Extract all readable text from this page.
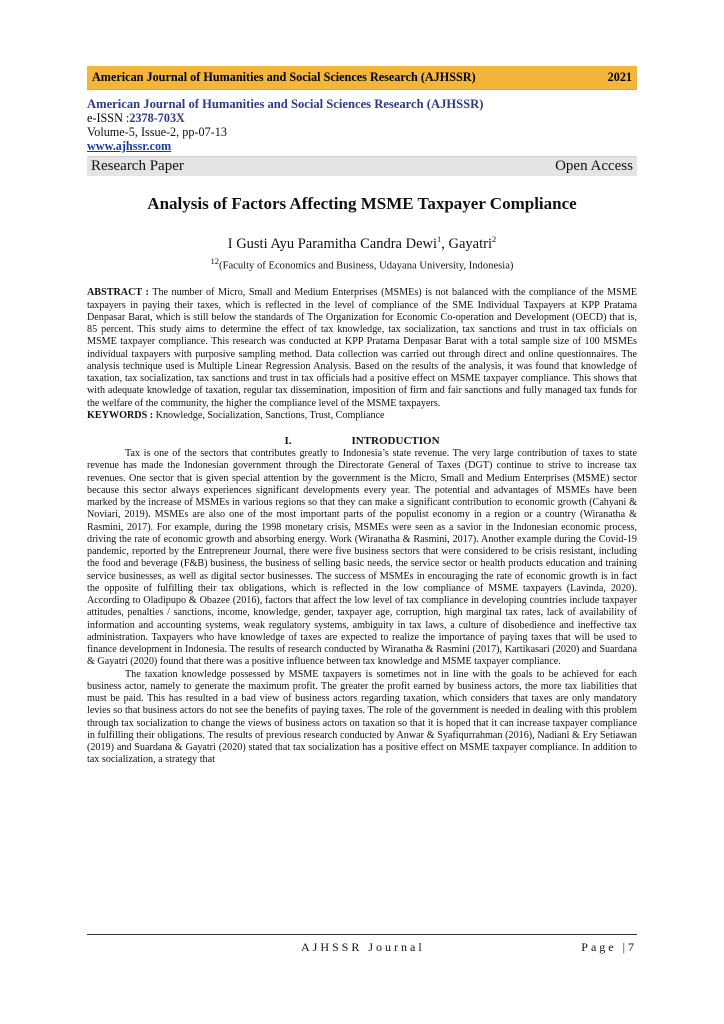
American Journal of Humanities and Social Sciences Research (AJHSSR)	2021
American Journal of Humanities and Social Sciences Research (AJHSSR)
e-ISSN :2378-703X
Volume-5, Issue-2, pp-07-13
www.ajhssr.com
Research Paper	Open Access
Analysis of Factors Affecting MSME Taxpayer Compliance
I Gusti Ayu Paramitha Candra Dewi$^1$, Gayatri$^2$
$^{12}$(Faculty of Economics and Business, Udayana University, Indonesia)
ABSTRACT : The number of Micro, Small and Medium Enterprises (MSMEs) is not balanced with the compliance of the MSME taxpayers in paying their taxes, which is reflected in the level of compliance of the SME Individual Taxpayers at KPP Pratama Denpasar Barat, which is still below the standards of The Organization for Economic Co-operation and Development (OECD) that is, 85 percent. This study aims to determine the effect of tax knowledge, tax socialization, tax sanctions and trust in tax officials on MSME taxpayer compliance. This research was conducted at KPP Pratama Denpasar Barat with a total sample size of 100 MSMEs individual taxpayers with purposive sampling method. Data collection was carried out through direct and online questionnaires. The analysis technique used is Multiple Linear Regression Analysis. Based on the results of the analysis, it was found that knowledge of taxation, tax socialization, tax sanctions and trust in tax officials had a positive effect on MSME taxpayer compliance. This shows that with adequate knowledge of taxation, regular tax dissemination, imposition of firm and fair sanctions and fully managed tax funds for the welfare of the community, the higher the compliance level of the MSME taxpayers.
KEYWORDS : Knowledge, Socialization, Sanctions, Trust, Compliance
I.	INTRODUCTION
Tax is one of the sectors that contributes greatly to Indonesia’s state revenue. The very large contribution of taxes to state revenue has made the Indonesian government through the Directorate General of Taxes (DGT) continue to strive to increase tax revenues. One sector that is given special attention by the government is the Micro, Small and Medium Enterprises (MSME) sector because this sector always experiences significant developments every year. The potential and advantages of MSMEs have been marked by the increase of MSMEs in various regions so that they can make a significant contribution to economic growth (Cahyani & Noviari, 2019). MSMEs are also one of the most important parts of the populist economy in a region or a country (Wiranatha & Rasmini, 2017). For example, during the 1998 monetary crisis, MSMEs were seen as a savior in the Indonesian economic process, driving the rate of economic growth and absorbing energy. Work (Wiranatha & Rasmini, 2017). Another example during the Covid-19 pandemic, reported by the Entrepreneur Journal, there were five business sectors that were considered to be crisis resistant, including the food and beverage (F&B) business, the business of selling basic needs, the service sector or health products education and training service businesses, as well as digital sector businesses. The success of MSMEs in encouraging the rate of economic growth is in fact the opposite of fulfilling their tax obligations, which is reflected in the low compliance of MSME taxpayers (Lavinda, 2020). According to Oladipupo & Obazee (2016), factors that affect the low level of tax compliance in developing countries include taxpayer attitudes, penalties / sanctions, income, knowledge, gender, taxpayer age, corruption, high marginal tax rates, lack of availability of information and accounting systems, weak regulatory systems, ambiguity in tax laws, a culture of disobedience and ineffective tax administration. Taxpayers who have knowledge of taxes are expected to realize the importance of paying taxes that will be used to finance development in Indonesia. The results of research conducted by Wiranatha & Rasmini (2017), Kartikasari (2020) and Suardana & Gayatri (2020) found that there was a positive influence between tax knowledge and MSME taxpayer compliance.
The taxation knowledge possessed by MSME taxpayers is sometimes not in line with the goals to be achieved for each business actor, namely to generate the maximum profit. The greater the profit earned by business actors, the more tax liabilities that must be paid. This has resulted in a bad view of business actors regarding taxation, which considers that taxes are only mandatory levies so that business actors do not see the benefits of paying taxes. The role of the government is needed in dealing with this problem through tax socialization to change the views of business actors on taxation so that it is hoped that it can increase taxpayer compliance in fulfilling their obligations. The results of previous research conducted by Anwar & Syafiqurrahman (2016), Nadiani & Ery Setiawan (2019) and Suardana & Gayatri (2020) stated that tax socialization has a positive effect on MSME taxpayer compliance. In addition to tax socialization, a strategy that
AJHSSR Journal	Page |7
